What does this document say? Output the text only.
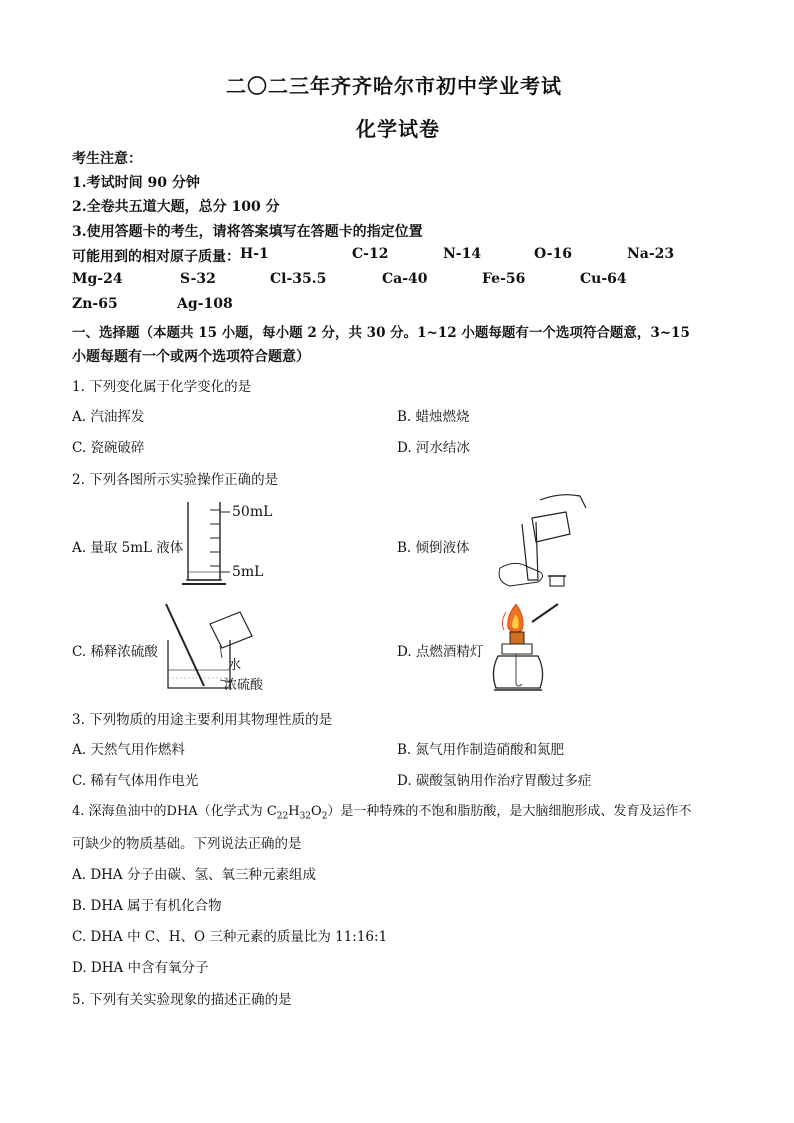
二〇二三年齐齐哈尔市初中学业考试
化学试卷
考生注意：
1.考试时间 90 分钟
2.全卷共五道大题，总分 100 分
3.使用答题卡的考生，请将答案填写在答题卡的指定位置
可能用到的相对原子质量： H-1	C-12	N-14	O-16	Na-23
Mg-24	S-32	Cl-35.5	Ca-40	Fe-56	Cu-64
Zn-65	Ag-108
一、选择题（本题共 15 小题，每小题 2 分，共 30 分。1~12 小题每题有一个选项符合题意，3~15
小题每题有一个或两个选项符合题意）
1. 下列变化属于化学变化的是
A. 汽油挥发	B. 蜡烛燃烧
C. 瓷碗破碎	D. 河水结冰
2. 下列各图所示实验操作正确的是
A. 量取 5mL 液体	B. 倾倒液体
C. 稀释浓硫酸	D. 点燃酒精灯
50mL
5mL
水
浓硫酸
3. 下列物质的用途主要利用其物理性质的是
A. 天然气用作燃料	B. 氮气用作制造硝酸和氮肥
C. 稀有气体用作电光	D. 碳酸氢钠用作治疗胃酸过多症
4. 深海鱼油中的DHA（化学式为 $C_{22}H_{32}O_2$）是一种特殊的不饱和脂肪酸，是大脑细胞形成、发育及运作不
可缺少的物质基础。下列说法正确的是
A. DHA 分子由碳、氢、氧三种元素组成
B. DHA 属于有机化合物
C. DHA 中 C、H、O 三种元素的质量比为 11:16:1
D. DHA 中含有氧分子
5. 下列有关实验现象的描述正确的是
